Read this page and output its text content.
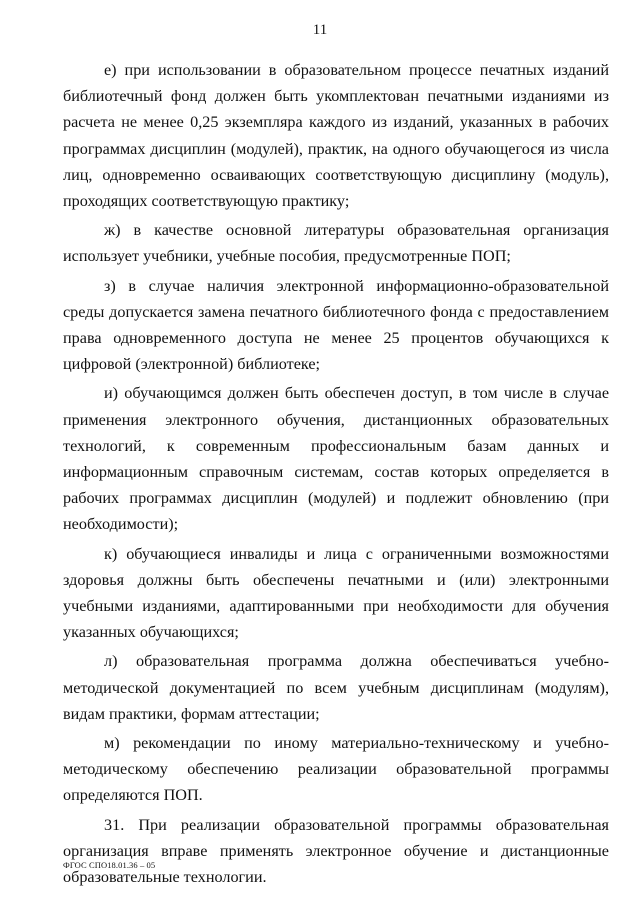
11

е) при использовании в образовательном процессе печатных изданий библиотечный фонд должен быть укомплектован печатными изданиями из расчета не менее 0,25 экземпляра каждого из изданий, указанных в рабочих программах дисциплин (модулей), практик, на одного обучающегося из числа лиц, одновременно осваивающих соответствующую дисциплину (модуль), проходящих соответствующую практику;

ж) в качестве основной литературы образовательная организация использует учебники, учебные пособия, предусмотренные ПОП;

з) в случае наличия электронной информационно-образовательной среды допускается замена печатного библиотечного фонда с предоставлением права одновременного доступа не менее 25 процентов обучающихся к цифровой (электронной) библиотеке;

и) обучающимся должен быть обеспечен доступ, в том числе в случае применения электронного обучения, дистанционных образовательных технологий, к современным профессиональным базам данных и информационным справочным системам, состав которых определяется в рабочих программах дисциплин (модулей) и подлежит обновлению (при необходимости);

к) обучающиеся инвалиды и лица с ограниченными возможностями здоровья должны быть обеспечены печатными и (или) электронными учебными изданиями, адаптированными при необходимости для обучения указанных обучающихся;

л) образовательная программа должна обеспечиваться учебно-методической документацией по всем учебным дисциплинам (модулям), видам практики, формам аттестации;

м) рекомендации по иному материально-техническому и учебно-методическому обеспечению реализации образовательной программы определяются ПОП.

31. При реализации образовательной программы образовательная организация вправе применять электронное обучение и дистанционные образовательные технологии.

ФГОС СПО18.01.36 – 05
